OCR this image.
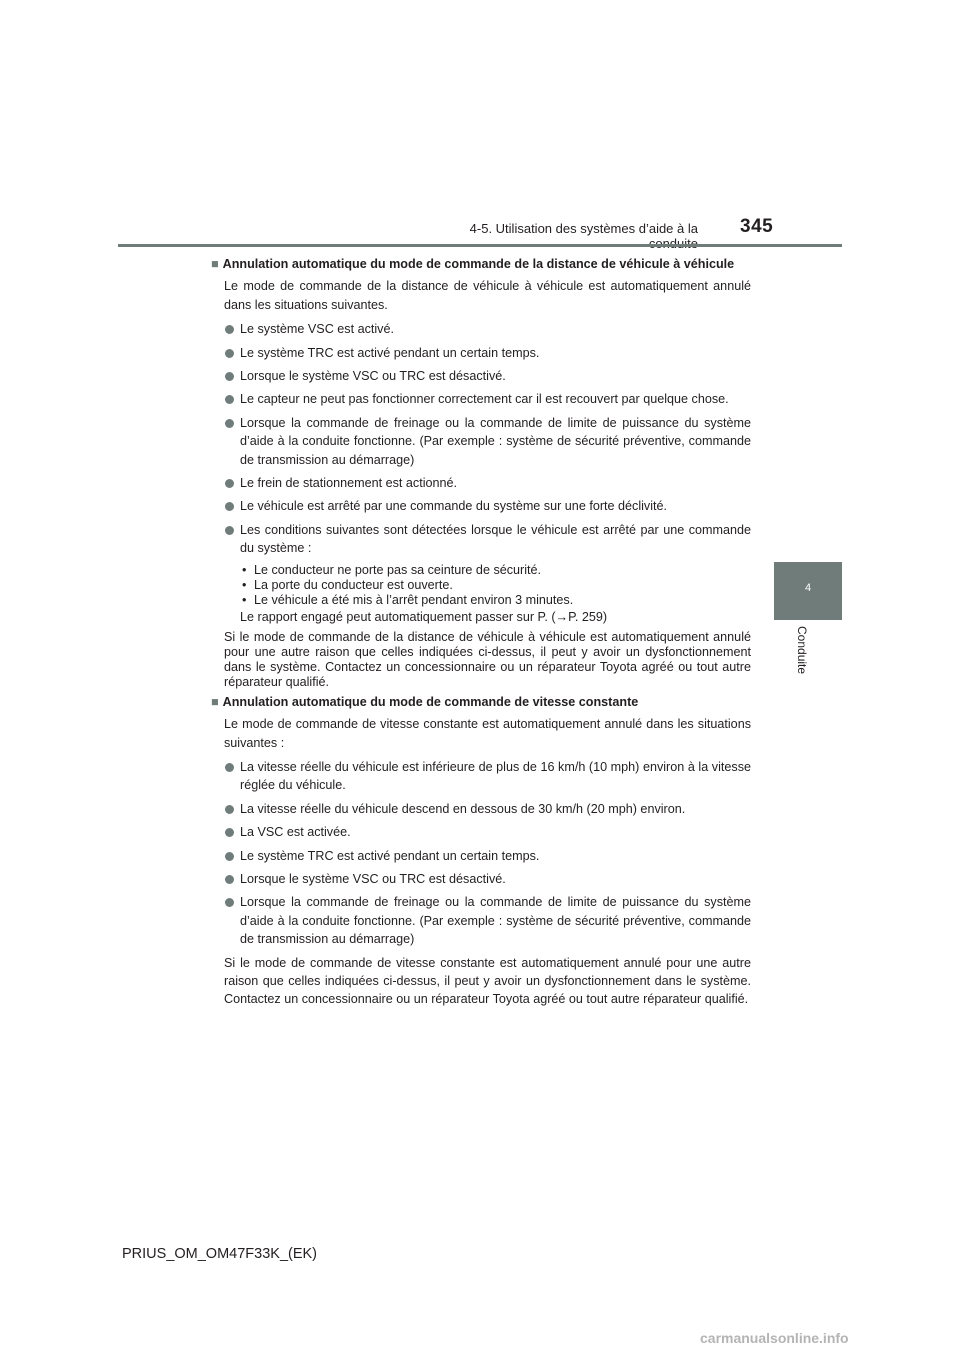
4-5. Utilisation des systèmes d’aide à la 345
4
Conduite
■ Annulation automatique du mode de commande de la distance de véhicule à véhicule
Le mode de commande de la distance de véhicule à véhicule est automatiquement annulé dans les situations suivantes.
Le système VSC est activé.
Le système TRC est activé pendant un certain temps.
Lorsque le système VSC ou TRC est désactivé.
Le capteur ne peut pas fonctionner correctement car il est recouvert par quelque chose.
Lorsque la commande de freinage ou la commande de limite de puissance du système d’aide à la conduite fonctionne. (Par exemple : système de sécurité préventive, commande de transmission au démarrage)
Le frein de stationnement est actionné.
Le véhicule est arrêté par une commande du système sur une forte déclivité.
Les conditions suivantes sont détectées lorsque le véhicule est arrêté par une commande du système :
• Le conducteur ne porte pas sa ceinture de sécurité.
• La porte du conducteur est ouverte.
• Le véhicule a été mis à l’arrêt pendant environ 3 minutes.
Le rapport engagé peut automatiquement passer sur P. (→P. 259)
Si le mode de commande de la distance de véhicule à véhicule est automatiquement annulé pour une autre raison que celles indiquées ci-dessus, il peut y avoir un dysfonctionnement dans le système. Contactez un concessionnaire ou un réparateur Toyota agréé ou tout autre réparateur qualifié.
■ Annulation automatique du mode de commande de vitesse constante
Le mode de commande de vitesse constante est automatiquement annulé dans les situations suivantes :
La vitesse réelle du véhicule est inférieure de plus de 16 km/h (10 mph) environ à la vitesse réglée du véhicule.
La vitesse réelle du véhicule descend en dessous de 30 km/h (20 mph) environ.
La VSC est activée.
Le système TRC est activé pendant un certain temps.
Lorsque le système VSC ou TRC est désactivé.
Lorsque la commande de freinage ou la commande de limite de puissance du système d’aide à la conduite fonctionne. (Par exemple : système de sécurité préventive, commande de transmission au démarrage)
Si le mode de commande de vitesse constante est automatiquement annulé pour une autre raison que celles indiquées ci-dessus, il peut y avoir un dysfonctionnement dans le système. Contactez un concessionnaire ou un réparateur Toyota agréé ou tout autre réparateur qualifié.
PRIUS_OM_OM47F33K_(EK)
carmanualsonline.info
